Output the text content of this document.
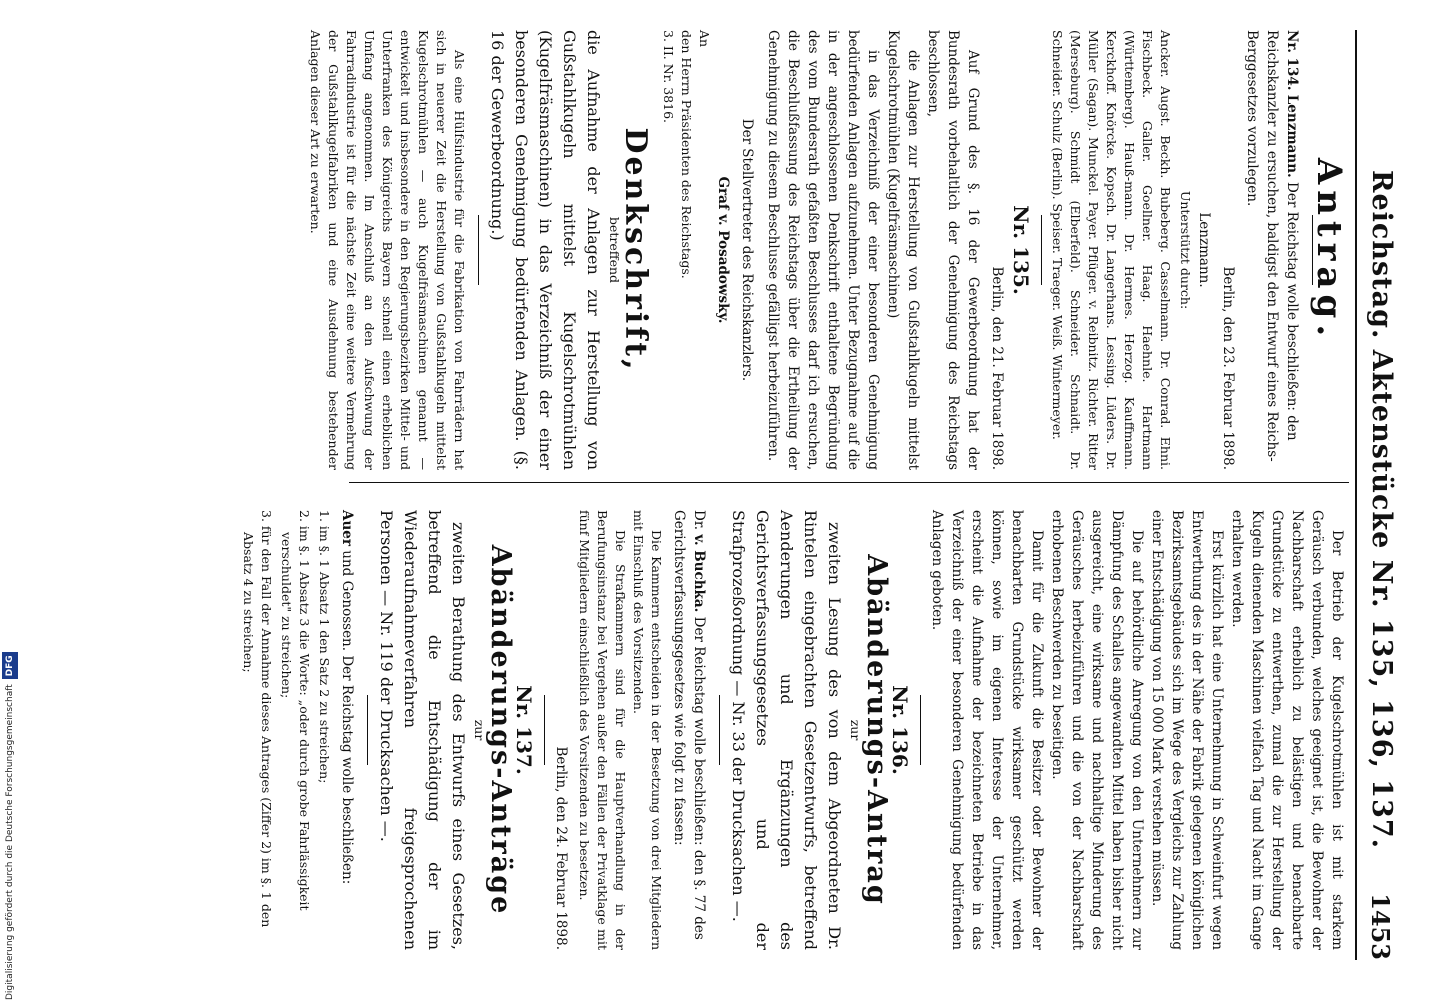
Reichstag. Aktenstücke Nr. 135, 136, 137.
1453
Antrag.

Nr. 134. Lenzmann. Der Reichstag wolle beschließen: den Reichskanzler zu ersuchen, baldigst den Entwurf eines Reichs-Berggesetzes vorzulegen.

Berlin, den 23. Februar 1898.
Lenzmann.
Unterstützt durch:
Ancker. Augst. Beckh. Bubeberg. Casselmann. Dr. Conrad. Ehni. Fischbeck. Galler. Goellner. Haag. Haehnle. Hartmann (Württemberg). Hauß-mann. Dr. Hermes. Herzog. Kauffmann. Kerckhoff. Knörcke. Kopsch. Dr. Langerhans. Lessing. Lüders. Dr. Müller (Sagan). Munckel. Payer. Pflüger. v. Reibnitz. Richter. Ritter (Merseburg). Schmidt (Elberfeld). Schneider. Schnaidt. Dr. Schneider. Schulz (Berlin). Speiser. Traeger. Weiß. Wintermeyer.
Nr. 135.
Berlin, den 21. Februar 1898.

Auf Grund des §. 16 der Gewerbeordnung hat der Bundesrath vorbehaltlich der Genehmigung des Reichstags beschlossen,

die Anlagen zur Herstellung von Gußstahlkugeln mittelst Kugelschrotmühlen (Kugelfräsmaschinen)

in das Verzeichniß der einer besonderen Genehmigung bedürfenden Anlagen aufzunehmen. Unter Bezugnahme auf die in der angeschlossenen Denkschrift enthaltene Begründung des vom Bundesrath gefaßten Beschlusses darf ich ersuchen, die Beschlußfassung des Reichstags über die Ertheilung der Genehmigung zu diesem Beschlusse gefälligst herbeizuführen.

Der Stellvertreter des Reichskanzlers.
Graf v. Posadowsky.
An
den Herrn Präsidenten des Reichstags.
3. II. Nr. 3816.
Denkschrift,
betreffend
die Aufnahme der Anlagen zur Herstellung von Gußstahlkugeln mittelst Kugelschrotmühlen (Kugelfräsmaschinen) in das Verzeichniß der einer besonderen Genehmigung bedürfenden Anlagen. (§. 16 der Gewerbeordnung.)

Als eine Hülfsindustrie für die Fabrikation von Fahrrädern hat sich in neuerer Zeit die Herstellung von Gußstahlkugeln mittelst Kugelschrotmühlen — auch Kugelfräsmaschinen genannt — entwickelt und insbesondere in den Regierungsbezirken Mittel- und Unterfranken des Königreichs Bayern schnell einen erheblichen Umfang angenommen. Im Anschluß an den Aufschwung der Fahrradindustrie ist für die nächste Zeit eine weitere Vermehrung der Gußstahlkugelfabriken und eine Ausdehnung bestehender Anlagen dieser Art zu erwarten.

Der Betrieb der Kugelschrotmühlen ist mit starkem Geräusch verbunden, welches geeignet ist, die Bewohner der Nachbarschaft erheblich zu belästigen und benachbarte Grundstücke zu entwerthen, zumal die zur Herstellung der Kugeln dienenden Maschinen vielfach Tag und Nacht im Gange erhalten werden.

Erst kürzlich hat eine Unternehmung in Schweinfurt wegen Entwerthung des in der Nähe der Fabrik gelegenen königlichen Bezirksamtsgebäudes sich im Wege des Vergleichs zur Zahlung einer Entschädigung von 15 000 Mark verstehen müssen.

Die auf behördliche Anregung von den Unternehmern zur Dämpfung des Schalles angewandten Mittel haben bisher nicht ausgereicht, eine wirksame und nachhaltige Minderung des Geräusches herbeizuführen und die von der Nachbarschaft erhobenen Beschwerden zu beseitigen.

Damit für die Zukunft die Besitzer oder Bewohner der benachbarten Grundstücke wirksamer geschützt werden können, sowie im eigenen Interesse der Unternehmer, erscheint die Aufnahme der bezeichneten Betriebe in das Verzeichniß der einer besonderen Genehmigung bedürfenden Anlagen geboten.

Nr. 136.
Abänderungs-Antrag
zur
zweiten Lesung des von dem Abgeordneten Dr. Rintelen eingebrachten Gesetzentwurfs, betreffend Aenderungen und Ergänzungen des Gerichtsverfassungsgesetzes und der Strafprozeßordnung — Nr. 33 der Drucksachen —.

Dr. v. Buchka. Der Reichstag wolle beschließen: den §. 77 des Gerichtsverfassungsgesetzes wie folgt zu fassen:

Die Kammern entscheiden in der Besetzung von drei Mitgliedern mit Einschluß des Vorsitzenden.

Die Strafkammern sind für die Hauptverhandlung in der Berufungsinstanz bei Vergehen außer den Fällen der Privatklage mit fünf Mitgliedern einschließlich des Vorsitzenden zu besetzen.

Berlin, den 24. Februar 1898.
Nr. 137.
Abänderungs-Anträge
zur
zweiten Berathung des Entwurfs eines Gesetzes, betreffend die Entschädigung der im Wiederaufnahmeverfahren freigesprochenen Personen — Nr. 119 der Drucksachen —.

Auer und Genossen. Der Reichstag wolle beschließen:

1. im §. 1 Absatz 1 den Satz 2 zu streichen;
2. im §. 1 Absatz 3 die Worte: „oder durch grobe Fahrlässigkeit verschuldet" zu streichen;
3. für den Fall der Annahme dieses Antrages (Ziffer 2) im §. 1 den Absatz 4 zu streichen;
Digitalisierung gefördert durch die Deutsche Forschungsgemeinschaft DFG
